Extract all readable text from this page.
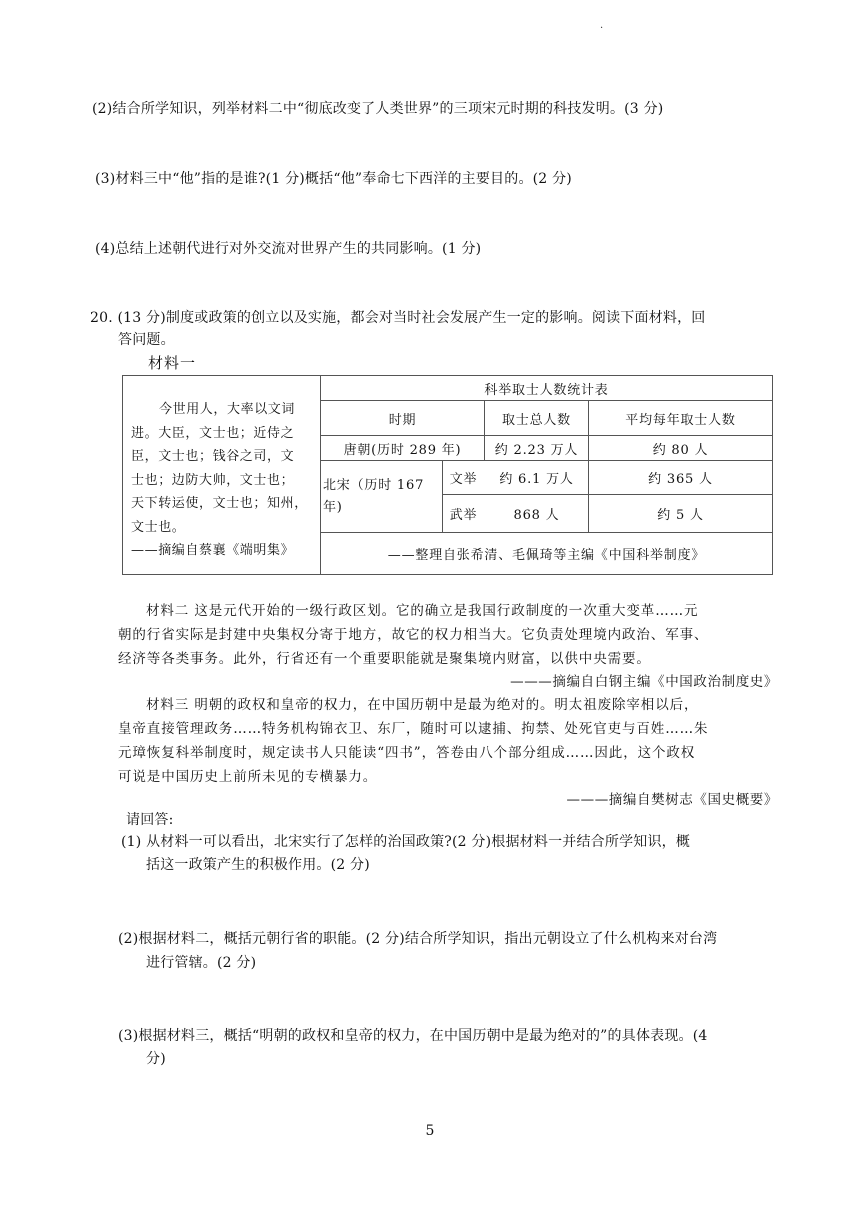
.
(2)结合所学知识，列举材料二中“彻底改变了人类世界”的三项宋元时期的科技发明。(3 分)
(3)材料三中“他”指的是谁?(1 分)概括“他”奉命七下西洋的主要目的。(2 分)
(4)总结上述朝代进行对外交流对世界产生的共同影响。(1 分)
20. (13 分)制度或政策的创立以及实施，都会对当时社会发展产生一定的影响。阅读下面材料，回
答问题。
材料一
今世用人，大率以文词
进。大臣，文士也；近侍之
臣，文士也；钱谷之司，文
士也；边防大帅，文士也；
天下转运使，文士也；知州，
文士也。
——摘编自蔡襄《端明集》
科举取士人数统计表
时期	取士总人数	平均每年取士人数
唐朝(历时 289 年)	约 2.23 万人	约 80 人
北宋（历时 167年)
文举	约 6.1 万人	约 365 人
武举	868 人	约 5 人
——整理自张希清、毛佩琦等主编《中国科举制度》
材料二 这是元代开始的一级行政区划。它的确立是我国行政制度的一次重大变革……元
朝的行省实际是封建中央集权分寄于地方，故它的权力相当大。它负责处理境内政治、军事、
经济等各类事务。此外，行省还有一个重要职能就是聚集境内财富，以供中央需要。
———摘编自白钢主编《中国政治制度史》
材料三 明朝的政权和皇帝的权力，在中国历朝中是最为绝对的。明太祖废除宰相以后，
皇帝直接管理政务……特务机构锦衣卫、东厂，随时可以逮捕、拘禁、处死官吏与百姓……朱
元璋恢复科举制度时，规定读书人只能读“四书”，答卷由八个部分组成……因此，这个政权
可说是中国历史上前所未见的专横暴力。
———摘编自樊树志《国史概要》
请回答:
(1) 从材料一可以看出，北宋实行了怎样的治国政策?(2 分)根据材料一并结合所学知识，概
括这一政策产生的积极作用。(2 分)
(2)根据材料二，概括元朝行省的职能。(2 分)结合所学知识，指出元朝设立了什么机构来对台湾
进行管辖。(2 分)
(3)根据材料三，概括“明朝的政权和皇帝的权力，在中国历朝中是最为绝对的”的具体表现。(4
分)
5
